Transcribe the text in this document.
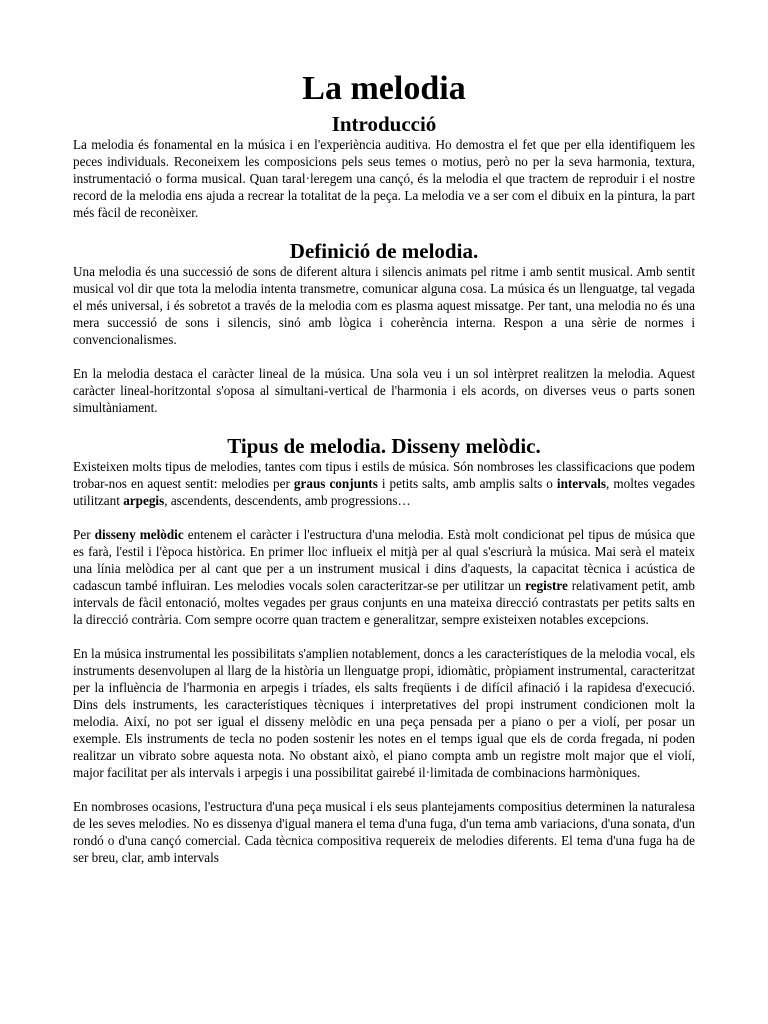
La melodia
Introducció

La melodia és fonamental en la música i en l'experiència auditiva. Ho demostra el fet que per ella identifiquem les peces individuals. Reconeixem les composicions pels seus temes o motius, però no per la seva harmonia, textura, instrumentació o forma musical. Quan taral·leregem una cançó, és la melodia el que tractem de reproduir i el nostre record de la melodia ens ajuda a recrear la totalitat de la peça. La melodia ve a ser com el dibuix en la pintura, la part més fàcil de reconèixer.

Definició de melodia.

Una melodia és una successió de sons de diferent altura i silencis animats pel ritme i amb sentit musical. Amb sentit musical vol dir que tota la melodia intenta transmetre, comunicar alguna cosa. La música és un llenguatge, tal vegada el més universal, i és sobretot a través de la melodia com es plasma aquest missatge. Per tant, una melodia no és una mera successió de sons i silencis, sinó amb lògica i coherència interna. Respon a una sèrie de normes i convencionalismes.

En la melodia destaca el caràcter lineal de la música. Una sola veu i un sol intèrpret realitzen la melodia. Aquest caràcter lineal-horitzontal s'oposa al simultani-vertical de l'harmonia i els acords, on diverses veus o parts sonen simultàniament.

Tipus de melodia. Disseny melòdic.

Existeixen molts tipus de melodies, tantes com tipus i estils de música. Són nombroses les classificacions que podem trobar-nos en aquest sentit: melodies per graus conjunts i petits salts, amb amplis salts o intervals, moltes vegades utilitzant arpegis, ascendents, descendents, amb progressions…

Per disseny melòdic entenem el caràcter i l'estructura d'una melodia. Està molt condicionat pel tipus de música que es farà, l'estil i l'època històrica. En primer lloc influeix el mitjà per al qual s'escriurà la música. Mai serà el mateix una línia melòdica per al cant que per a un instrument musical i dins d'aquests, la capacitat tècnica i acústica de cadascun també influiran. Les melodies vocals solen caracteritzar-se per utilitzar un registre relativament petit, amb intervals de fàcil entonació, moltes vegades per graus conjunts en una mateixa direcció contrastats per petits salts en la direcció contrària. Com sempre ocorre quan tractem e generalitzar, sempre existeixen notables excepcions.

En la música instrumental les possibilitats s'amplien notablement, doncs a les característiques de la melodia vocal, els instruments desenvolupen al llarg de la història un llenguatge propi, idiomàtic, pròpiament instrumental, caracteritzat per la influència de l'harmonia en arpegis i tríades, els salts freqüents i de difícil afinació i la rapidesa d'execució. Dins dels instruments, les característiques tècniques i interpretatives del propi instrument condicionen molt la melodia. Així, no pot ser igual el disseny melòdic en una peça pensada per a piano o per a violí, per posar un exemple. Els instruments de tecla no poden sostenir les notes en el temps igual que els de corda fregada, ni poden realitzar un vibrato sobre aquesta nota. No obstant això, el piano compta amb un registre molt major que el violí, major facilitat per als intervals i arpegis i una possibilitat gairebé il·limitada de combinacions harmòniques.

En nombroses ocasions, l'estructura d'una peça musical i els seus plantejaments compositius determinen la naturalesa de les seves melodies. No es dissenya d'igual manera el tema d'una fuga, d'un tema amb variacions, d'una sonata, d'un rondó o d'una cançó comercial. Cada tècnica compositiva requereix de melodies diferents. El tema d'una fuga ha de ser breu, clar, amb intervals
